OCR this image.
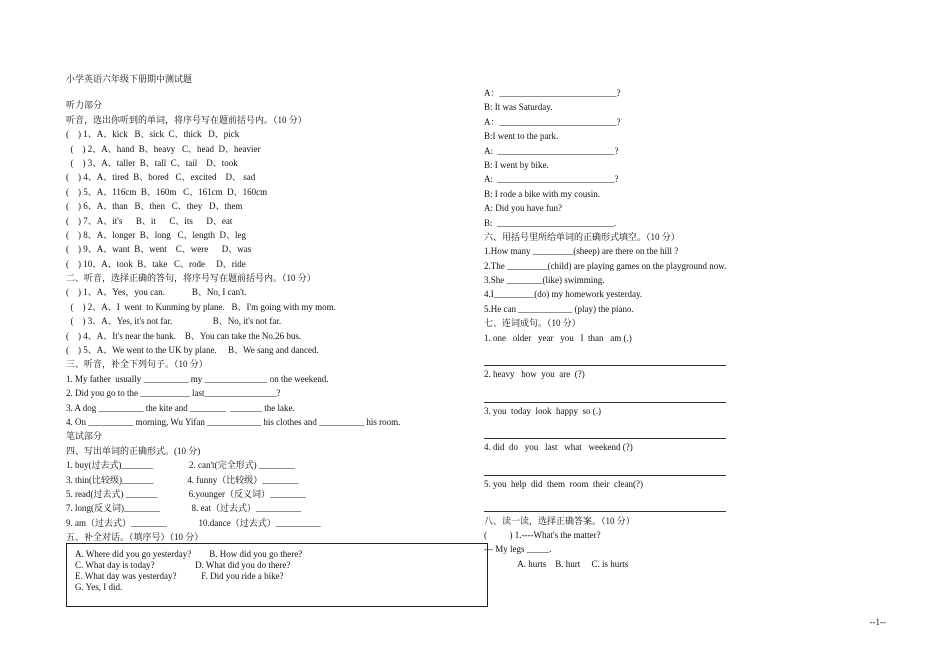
小学英语六年级下册期中测试题
听力部分
听音，选出你听到的单词，将序号写在题前括号内。（10 分）
(    ) 1、A、kick   B、sick  C、thick   D、pick
(    ) 2、A、hand  B、heavy   C、head  D、heavier
(    ) 3、A、taller  B、tall  C、tail    D、took
(    ) 4、A、tired  B、bored   C、excited    D、 sad
(    ) 5、A、116cm  B、160m   C、161cm  D、160cm
(    ) 6、A、than   B、then   C、they   D、them
(    ) 7、A、it's      B、it      C、its      D、eat
(    ) 8、A、longer  B、long   C、length  D、leg
(    ) 9、A、want  B、went    C、were      D、was
(    ) 10、A、took  B、take   C、rode     D、ride
二、听音，选择正确的答句，将序号写在题前括号内。（10 分）
(    ) 1、A、Yes，you can.            B、No, I can't.
(    ) 2、A、I  went  to Kunming by plane.   B、I'm going with my mom.
(    ) 3、A、Yes, it's not far.                  B、No, it's not far.
(    ) 4、A、It's near the bank.    B、You can take the No.26 bus.
(    ) 5、A、We went to the UK by plane.     B、We sang and danced.
三、听音，补全下列句子。（10 分）
1. My father  usually __________ my ______________ on the weekend.
2. Did you go to the ___________ last________________?
3. A dog __________ the kite and ________  _______ the lake.
4. On __________ morning, Wu Yifan ____________ his clothes and __________ his room.
笔试部分
四、写出单词的正确形式。(10 分)
1. buy(过去式)_______                2. can't(完全形式) ________
3. thin(比较级)_______               4. funny（比较级）________
5. read(过去式) _______              6.younger（反义词）________
7. long(反义词)________              8. eat（过去式）__________
9. am（过去式）________              10.dance（过去式）__________
五、补全对话。（填序号）（10 分）
A. Where did you go yesterday?        B. How did you go there?
C. What day is today?                  D. What did you do there?
E. What day was yesterday?           F. Did you ride a bike?
G. Yes, I did.
A：__________________________?
B: It was Saturday.
A：__________________________?
B:I went to the park.
A:  __________________________?
B: I went by bike.
A:  __________________________?
B: I rode a bike with my cousin.
A: Did you have fun?
B:  __________________________.
六、用括号里所给单词的正确形式填空。（10 分）
1.How many _________(sheep) are there on the hill ?
2.The _________(child) are playing games on the playground now.
3.She ________(like) swimming.
4.I_________(do) my homework yesterday.
5.He can ____________ (play) the piano.
七、连词成句。（10 分）
1. one   older   year   you   I  than   am (.)
2. heavy   how  you  are  (?)
3. you  today  look  happy  so (.)
4. did  do   you   last   what   weekend (?)
5. you  help  did  them  room  their  clean(?)
八、读一读，选择正确答案。（10 分）
(          ) 1.----What's the matter?
--- My legs _____.
A. hurts    B. hurt     C. is hurts
--1--
